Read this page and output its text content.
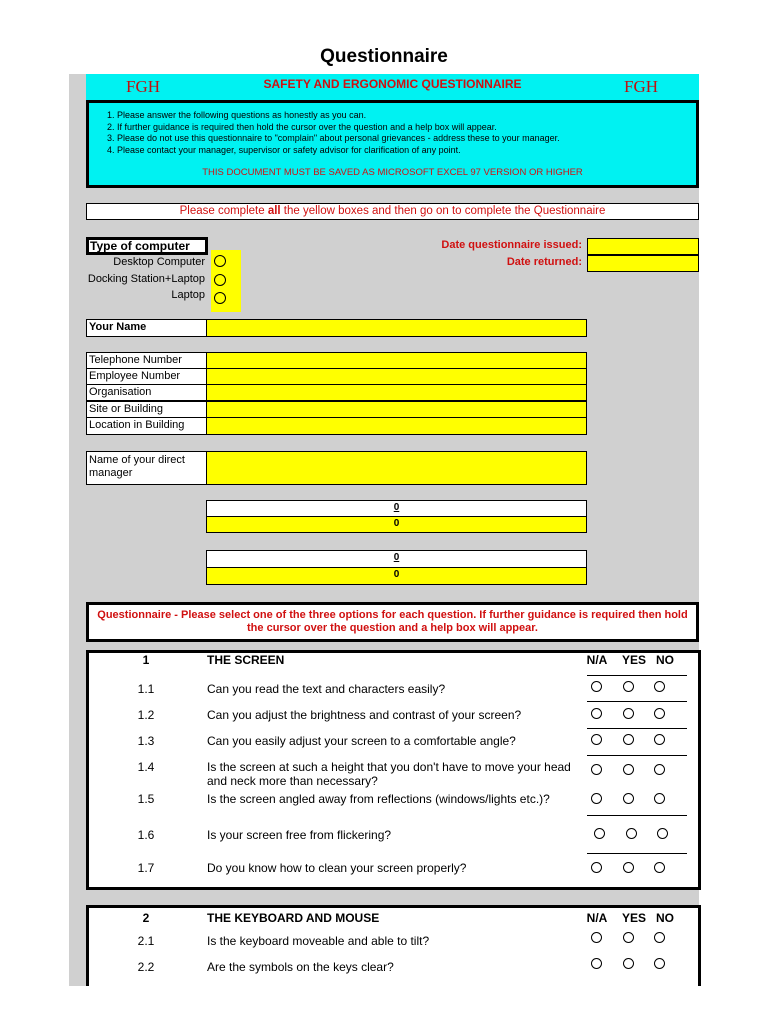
Questionnaire
FGH	SAFETY AND ERGONOMIC QUESTIONNAIRE	FGH
1. Please answer the following questions as honestly as you can.
2. If further guidance is required then hold the cursor over the question and a help box will appear.
3. Please do not use this questionnaire to "complain" about personal grievances - address these to your manager.
4. Please contact your manager, supervisor or safety advisor for clarification of any point.
THIS DOCUMENT MUST BE SAVED AS MICROSOFT EXCEL 97 VERSION OR HIGHER
Please complete all the yellow boxes and then go on to complete the Questionnaire
Type of computer
Desktop Computer
Docking Station+Laptop
Laptop
Date questionnaire issued:
Date returned:
Your Name
Telephone Number
Employee Number
Organisation
Site or Building
Location in Building
Name of your direct manager
0
0
0
0
Questionnaire - Please select one of the three options for each question. If further guidance is required then hold the cursor over the question and a help box will appear.
1	THE SCREEN	N/A	YES NO
1.1	Can you read the text and characters easily?
1.2	Can you adjust the brightness and contrast of your screen?
1.3	Can you easily adjust your screen to a comfortable angle?
1.4	Is the screen at such a height that you don't have to move your head and neck more than necessary?
1.5	Is the screen angled away from reflections (windows/lights etc.)?
1.6	Is your screen free from flickering?
1.7	Do you know how to clean your screen properly?
2	THE KEYBOARD AND MOUSE	N/A	YES NO
2.1	Is the keyboard moveable and able to tilt?
2.2	Are the symbols on the keys clear?
